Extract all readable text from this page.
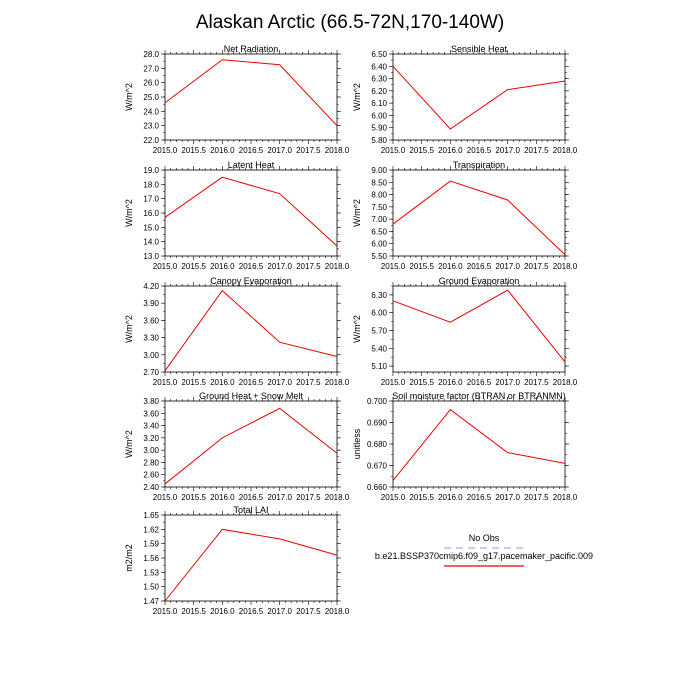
Alaskan Arctic (66.5-72N,170-140W)
Net Radiation
W/m^2
2015.0 2015.5 2016.0 2016.5 2017.0 2017.5 2018.0
22.0
23.0
24.0
25.0
26.0
27.0
28.0
Sensible Heat
W/m^2
2015.0 2015.5 2016.0 2016.5 2017.0 2017.5 2018.0
5.80
5.90
6.00
6.10
6.20
6.30
6.40
6.50
Latent Heat
W/m^2
2015.0 2015.5 2016.0 2016.5 2017.0 2017.5 2018.0
13.0
14.0
15.0
16.0
17.0
18.0
19.0
Transpiration
W/m^2
2015.0 2015.5 2016.0 2016.5 2017.0 2017.5 2018.0
5.50
6.00
6.50
7.00
7.50
8.00
8.50
9.00
Canopy Evaporation
W/m^2
2015.0 2015.5 2016.0 2016.5 2017.0 2017.5 2018.0
2.70
3.00
3.30
3.60
3.90
4.20
Ground Evaporation
W/m^2
2015.0 2015.5 2016.0 2016.5 2017.0 2017.5 2018.0
5.10
5.40
5.70
6.00
6.30
Ground Heat + Snow Melt
W/m^2
2015.0 2015.5 2016.0 2016.5 2017.0 2017.5 2018.0
2.40
2.60
2.80
3.00
3.20
3.40
3.60
3.80
Soil moisture factor (BTRAN or BTRANMN)
unitless
2015.0 2015.5 2016.0 2016.5 2017.0 2017.5 2018.0
0.660
0.670
0.680
0.690
0.700
Total LAI
m2/m2
2015.0 2015.5 2016.0 2016.5 2017.0 2017.5 2018.0
1.47
1.50
1.53
1.56
1.59
1.62
1.65
No Obs
b.e21.BSSP370cmip6.f09_g17.pacemaker_pacific.009
